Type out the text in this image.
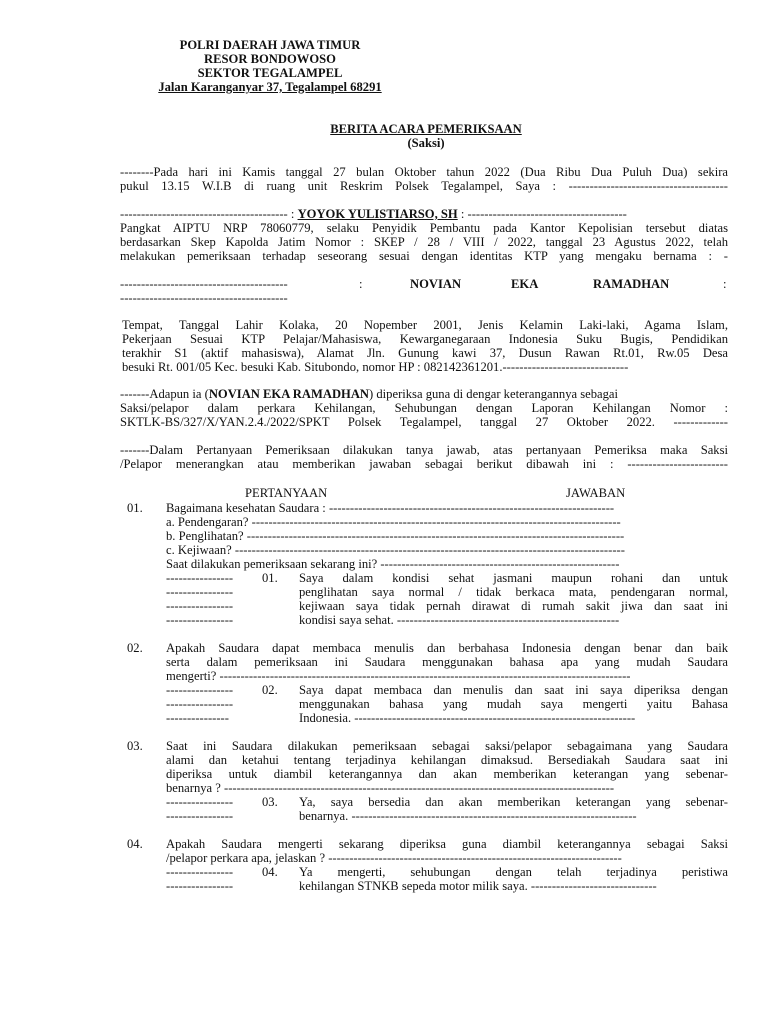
POLRI DAERAH JAWA TIMUR
RESOR BONDOWOSO
SEKTOR TEGALAMPEL
Jalan Karanganyar 37, Tegalampel 68291
BERITA ACARA PEMERIKSAAN
(Saksi)
--------Pada hari ini Kamis tanggal 27 bulan Oktober tahun 2022 (Dua Ribu Dua Puluh Dua) sekira
pukul 13.15 W.I.B di ruang unit Reskrim Polsek Tegalampel, Saya : --------------------------------------
---------------------------------------- : YOYOK YULISTIARSO, SH : --------------------------------------
Pangkat AIPTU NRP 78060779, selaku Penyidik Pembantu pada Kantor Kepolisian tersebut diatas
berdasarkan Skep Kapolda Jatim Nomor : SKEP / 28 / VIII / 2022, tanggal 23 Agustus 2022, telah
melakukan pemeriksaan terhadap seseorang sesuai dengan identitas KTP yang mengaku bernama : -
----------------------------------------	:	NOVIAN	EKA	RAMADHAN	:
----------------------------------------
Tempat, Tanggal Lahir Kolaka, 20 Nopember 2001, Jenis Kelamin Laki-laki, Agama Islam,
Pekerjaan Sesuai KTP Pelajar/Mahasiswa, Kewarganegaraan Indonesia Suku Bugis, Pendidikan
terakhir S1 (aktif mahasiswa), Alamat Jln. Gunung kawi 37, Dusun Rawan Rt.01, Rw.05 Desa
besuki Rt. 001/05 Kec. besuki Kab. Situbondo, nomor HP : 082142361201.------------------------------
-------Adapun ia (NOVIAN EKA RAMADHAN) diperiksa guna di dengar keterangannya sebagai
Saksi/pelapor dalam perkara Kehilangan, Sehubungan dengan Laporan Kehilangan Nomor :
SKTLK-BS/327/X/YAN.2.4./2022/SPKT Polsek Tegalampel, tanggal 27 Oktober 2022. -------------
-------Dalam Pertanyaan Pemeriksaan dilakukan tanya jawab, atas pertanyaan Pemeriksa maka Saksi
/Pelapor menerangkan atau memberikan jawaban sebagai berikut dibawah ini : ------------------------
PERTANYAAN	JAWABAN
01. Bagaimana kesehatan Saudara : --------------------------------------------------------------------
a. Pendengaran? ----------------------------------------------------------------------------------------
b. Penglihatan? ------------------------------------------------------------------------------------------
c. Kejiwaan? ---------------------------------------------------------------------------------------------
Saat dilakukan pemeriksaan sekarang ini? ---------------------------------------------------------
----------------	01. Saya dalam kondisi sehat jasmani maupun rohani dan untuk
----------------	penglihatan saya normal / tidak berkaca mata, pendengaran normal,
----------------	kejiwaan saya tidak pernah dirawat di rumah sakit jiwa dan saat ini
----------------	kondisi saya sehat. -----------------------------------------------------
02. Apakah Saudara dapat membaca menulis dan berbahasa Indonesia dengan benar dan baik
serta dalam pemeriksaan ini Saudara menggunakan bahasa apa yang mudah Saudara
mengerti? --------------------------------------------------------------------------------------------------
----------------	02. Saya dapat membaca dan menulis dan saat ini saya diperiksa dengan
----------------	menggunakan bahasa yang mudah saya mengerti yaitu Bahasa
---------------	Indonesia. -------------------------------------------------------------------
03. Saat ini Saudara dilakukan pemeriksaan sebagai saksi/pelapor sebagaimana yang Saudara
alami dan ketahui tentang terjadinya kehilangan dimaksud. Bersediakah Saudara saat ini
diperiksa untuk diambil keterangannya dan akan memberikan keterangan yang sebenar-
benarnya ? ---------------------------------------------------------------------------------------------
----------------	03. Ya, saya bersedia dan akan memberikan keterangan yang sebenar-
----------------	benarnya. --------------------------------------------------------------------
04. Apakah Saudara mengerti sekarang diperiksa guna diambil keterangannya sebagai Saksi
/pelapor perkara apa, jelaskan ? ----------------------------------------------------------------------
----------------	04. Ya mengerti, sehubungan dengan telah terjadinya peristiwa
----------------	kehilangan STNKB sepeda motor milik saya. ------------------------------
